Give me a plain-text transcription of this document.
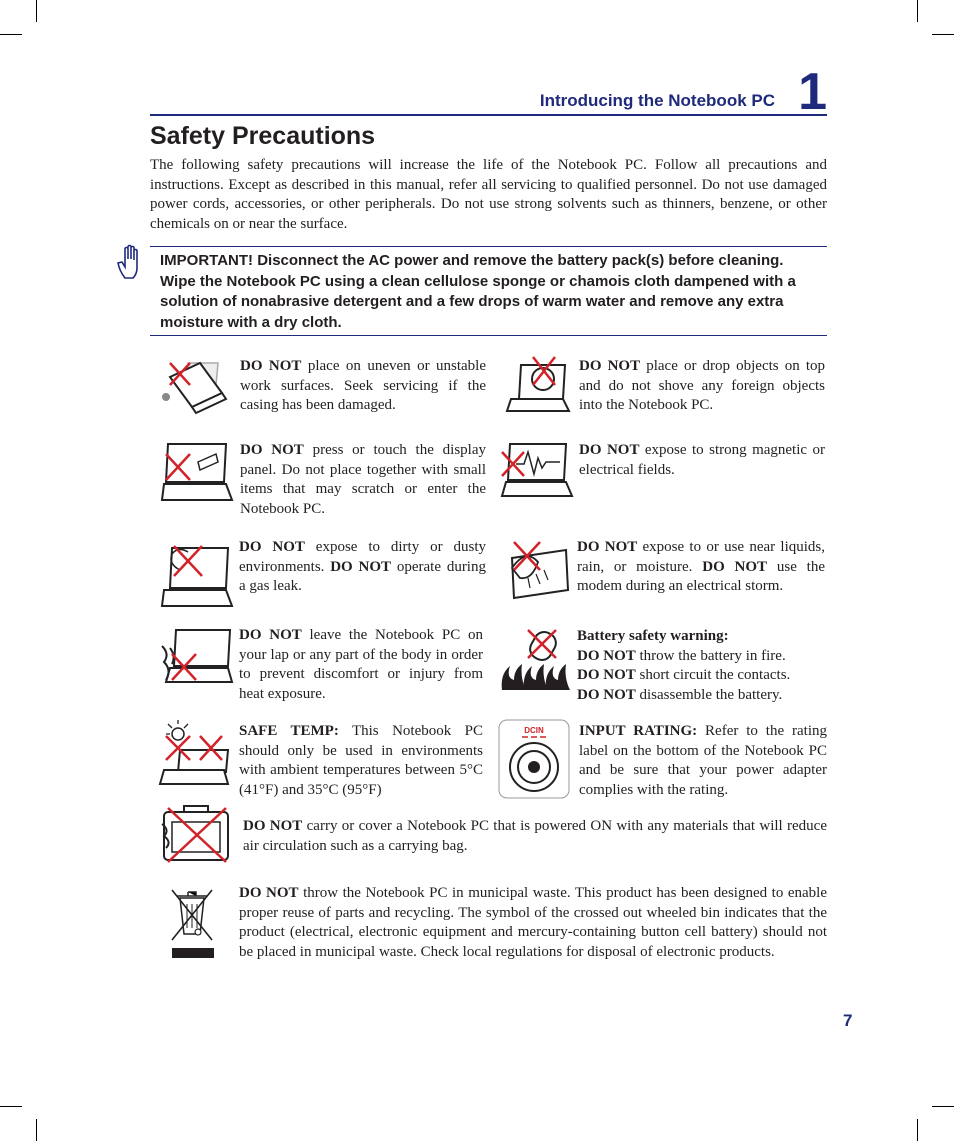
Introducing the Notebook PC 1
Safety Precautions

The following safety precautions will increase the life of the Notebook PC. Follow all precautions and instructions. Except as described in this manual, refer all servicing to qualified personnel. Do not use damaged power cords, accessories, or other peripherals. Do not use strong solvents such as thinners, benzene, or other chemicals on or near the surface.

IMPORTANT! Disconnect the AC power and remove the battery pack(s) before cleaning. Wipe the Notebook PC using a clean cellulose sponge or chamois cloth dampened with a solution of nonabrasive detergent and a few drops of warm water and remove any extra moisture with a dry cloth.

DO NOT place on uneven or unstable work surfaces. Seek servicing if the casing has been damaged.
DO NOT place or drop objects on top and do not shove any foreign objects into the Notebook PC.
DO NOT press or touch the display panel. Do not place together with small items that may scratch or enter the Notebook PC.
DO NOT expose to strong magnetic or electrical fields.
DO NOT expose to dirty or dusty environments. DO NOT operate during a gas leak.
DO NOT expose to or use near liquids, rain, or moisture. DO NOT use the modem during an electrical storm.
DO NOT leave the Notebook PC on your lap or any part of the body in order to prevent discomfort or injury from heat exposure.
Battery safety warning:
DO NOT throw the battery in fire.
DO NOT short circuit the contacts.
DO NOT disassemble the battery.
SAFE TEMP: This Notebook PC should only be used in environments with ambient temperatures between 5°C (41°F) and 35°C (95°F)
DCIN INPUT RATING: Refer to the rating label on the bottom of the Notebook PC and be sure that your power adapter complies with the rating.
DO NOT carry or cover a Notebook PC that is powered ON with any materials that will reduce air circulation such as a carrying bag.
DO NOT throw the Notebook PC in municipal waste. This product has been designed to enable proper reuse of parts and recycling. The symbol of the crossed out wheeled bin indicates that the product (electrical, electronic equipment and mercury-containing button cell battery) should not be placed in municipal waste. Check local regulations for disposal of electronic products.
7
